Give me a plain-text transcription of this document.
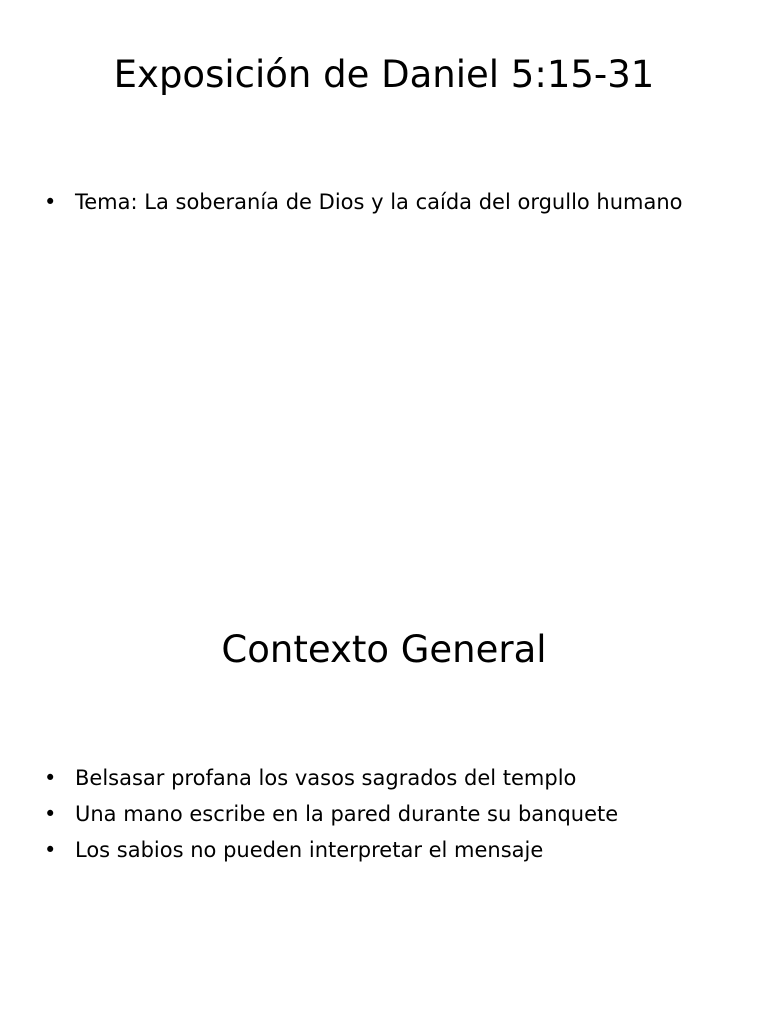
Exposición de Daniel 5:15-31
• Tema: La soberanía de Dios y la caída del orgullo humano
Contexto General
• Belsasar profana los vasos sagrados del templo
• Una mano escribe en la pared durante su banquete
• Los sabios no pueden interpretar el mensaje
